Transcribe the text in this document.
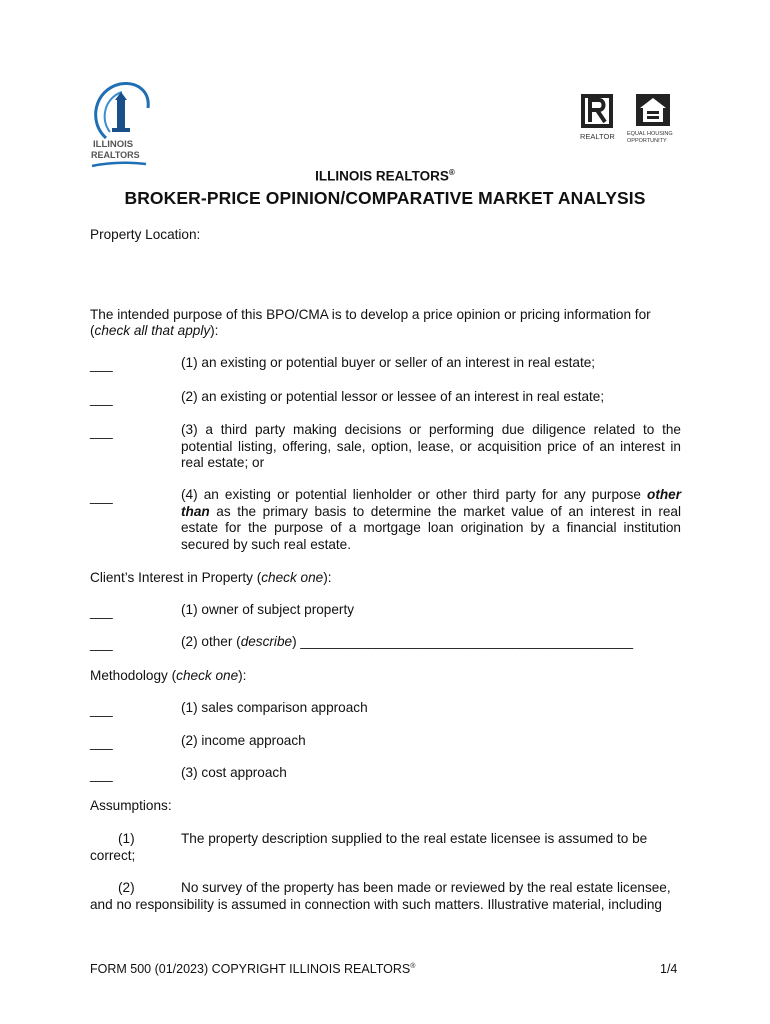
ILLINOIS
REALTORS
REALTOR EQUAL HOUSING
OPPORTUNITY
ILLINOIS REALTORS®
BROKER-PRICE OPINION/COMPARATIVE MARKET ANALYSIS
Property Location:
The intended purpose of this BPO/CMA is to develop a price opinion or pricing information for
(check all that apply):
___	(1) an existing or potential buyer or seller of an interest in real estate;
___	(2) an existing or potential lessor or lessee of an interest in real estate;
___	(3) a third party making decisions or performing due diligence related to the potential listing, offering, sale, option, lease, or acquisition price of an interest in real estate; or
___	(4) an existing or potential lienholder or other third party for any purpose other than as the primary basis to determine the market value of an interest in real estate for the purpose of a mortgage loan origination by a financial institution secured by such real estate.
Client’s Interest in Property (check one):
___	(1) owner of subject property
___	(2) other (describe) ____________________________________________
Methodology (check one):
___	(1) sales comparison approach
___	(2) income approach
___	(3) cost approach
Assumptions:
(1)	The property description supplied to the real estate licensee is assumed to be
correct;
(2)	No survey of the property has been made or reviewed by the real estate licensee,
and no responsibility is assumed in connection with such matters. Illustrative material, including
FORM 500 (01/2023) COPYRIGHT ILLINOIS REALTORS®	1/4
